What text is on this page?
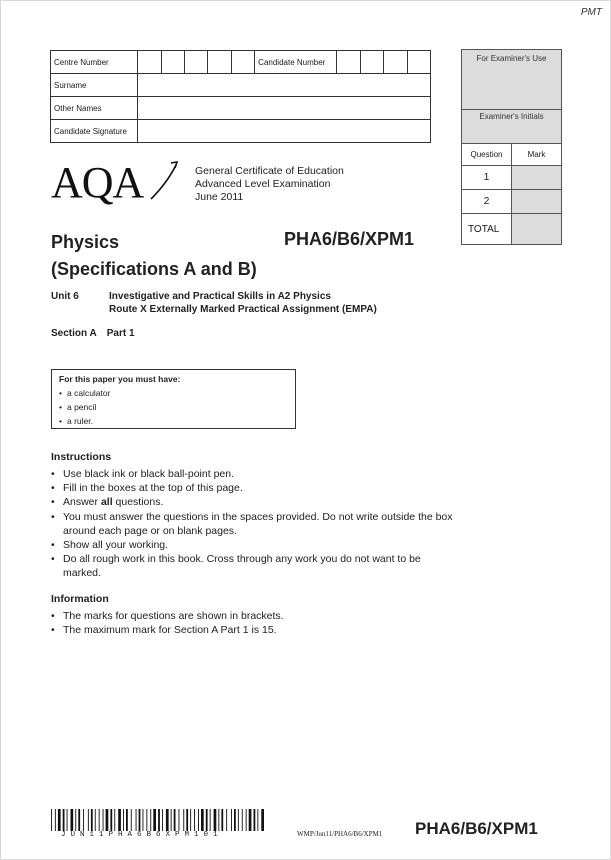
PMT
Centre Number						Candidate Number				
Surname										
Other Names										
Candidate Signature										
For Examiner's Use
Examiner's Initials
Question	Mark
1
2
TOTAL
AQA	General Certificate of Education
Advanced Level Examination
June 2011
Physics
(Specifications A and B)
PHA6/B6/XPM1
Unit 6	Investigative and Practical Skills in A2 Physics
Route X Externally Marked Practical Assignment (EMPA)
Section A Part 1
For this paper you must have:
• a calculator
• a pencil
• a ruler.
Instructions
• Use black ink or black ball-point pen.
• Fill in the boxes at the top of this page.
• Answer all questions.
• You must answer the questions in the spaces provided. Do not write outside the box around each page or on blank pages.
• Show all your working.
• Do all rough work in this book. Cross through any work you do not want to be marked.
Information
• The marks for questions are shown in brackets.
• The maximum mark for Section A Part 1 is 15.
JUN11PHA6B6XPM101	WMP/Jun11/PHA6/B6/XPM1 PHA6/B6/XPM1
